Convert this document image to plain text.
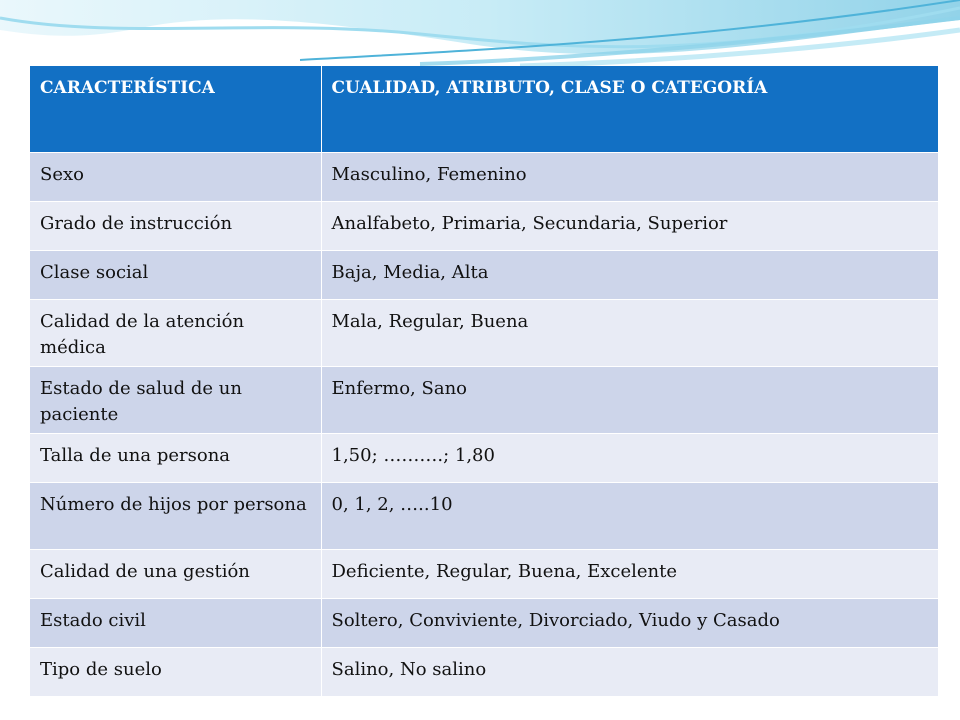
CARACTERÍSTICA	CUALIDAD, ATRIBUTO, CLASE O CATEGORÍA
Sexo	Masculino, Femenino
Grado de instrucción	Analfabeto, Primaria, Secundaria, Superior
Clase social	Baja, Media, Alta
Calidad de la atención médica	Mala, Regular, Buena
Estado de salud de un paciente	Enfermo, Sano
Talla de una persona	1,50; ……….; 1,80
Número de hijos por persona	0, 1, 2, …..10
Calidad de una gestión	Deficiente, Regular, Buena, Excelente
Estado civil	Soltero, Conviviente, Divorciado, Viudo y Casado
Tipo de suelo	Salino, No salino
